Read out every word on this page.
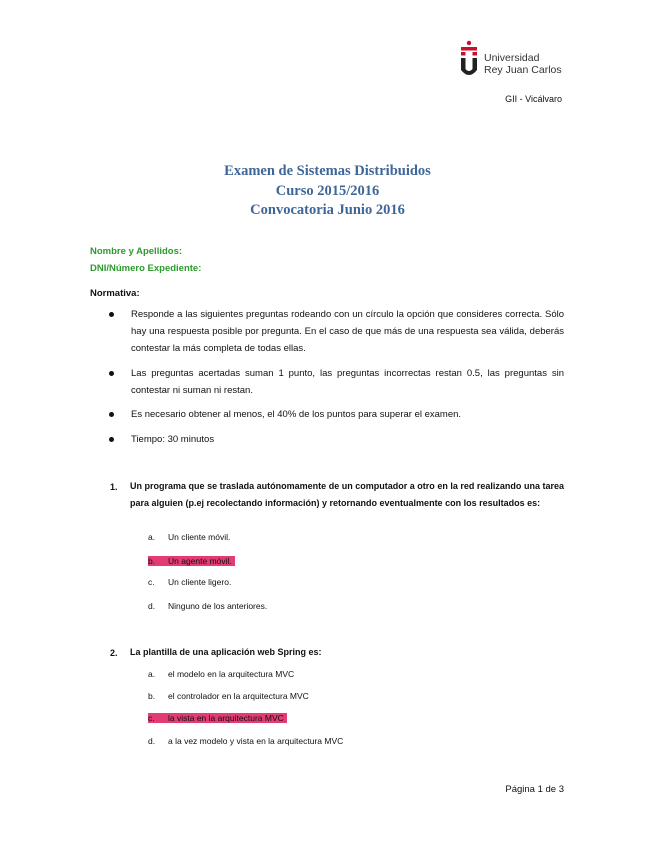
Universidad
Rey Juan Carlos
GII - Vicálvaro
Examen de Sistemas Distribuidos
Curso 2015/2016
Convocatoria Junio 2016
Nombre y Apellidos:
DNI/Número Expediente:
Normativa:
Responde a las siguientes preguntas rodeando con un círculo la opción que consideres correcta. Sólo hay una respuesta posible por pregunta. En el caso de que más de una respuesta sea válida, deberás contestar la más completa de todas ellas.
Las preguntas acertadas suman 1 punto, las preguntas incorrectas restan 0.5, las preguntas sin contestar ni suman ni restan.
Es necesario obtener al menos, el 40% de los puntos para superar el examen.
Tiempo: 30 minutos
1. Un programa que se traslada autónomamente de un computador a otro en la red realizando una tarea para alguien (p.ej recolectando información) y retornando eventualmente con los resultados es:
a. Un cliente móvil.
b. Un agente móvil.
c. Un cliente ligero.
d. Ninguno de los anteriores.
2. La plantilla de una aplicación web Spring es:
a. el modelo en la arquitectura MVC
b. el controlador en la arquitectura MVC
c. la vista en la arquitectura MVC
d. a la vez modelo y vista en la arquitectura MVC
Página 1 de 3
